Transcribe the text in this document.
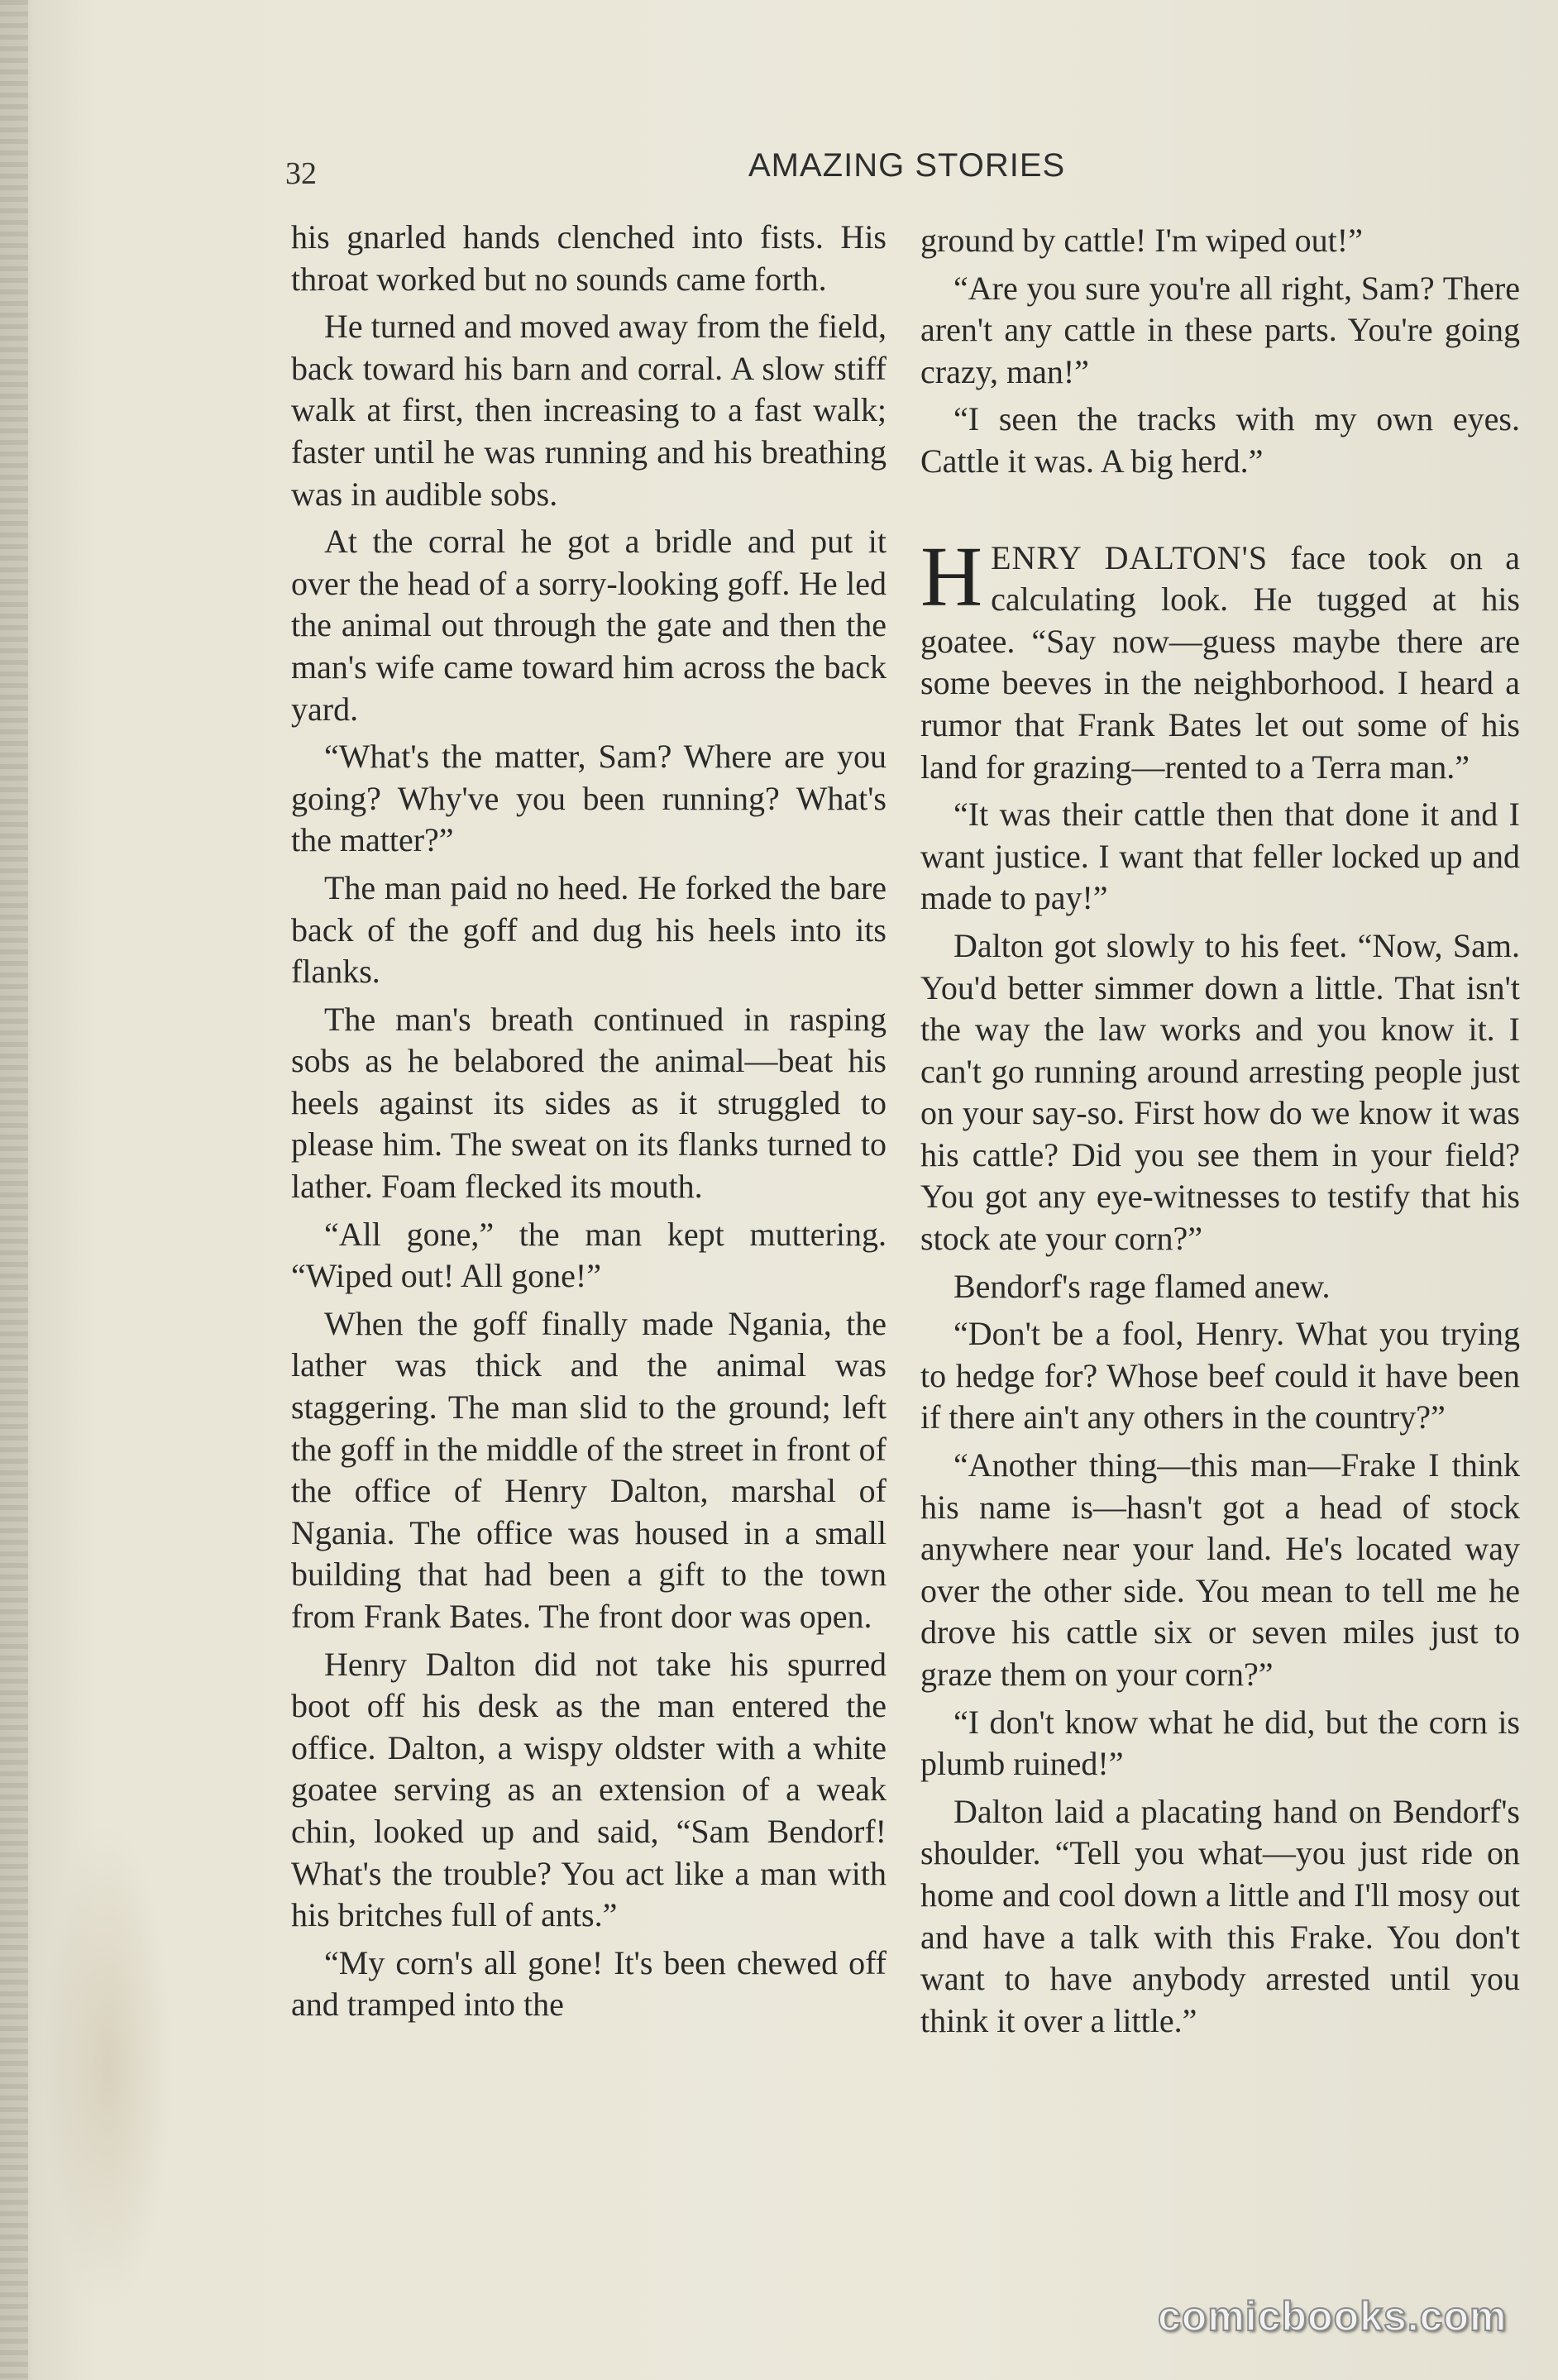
32	AMAZING STORIES

his gnarled hands clenched into fists. His throat worked but no sounds came forth.

He turned and moved away from the field, back toward his barn and corral. A slow stiff walk at first, then increasing to a fast walk; faster until he was running and his breathing was in audible sobs.

At the corral he got a bridle and put it over the head of a sorry-looking goff. He led the animal out through the gate and then the man's wife came toward him across the back yard.

“What's the matter, Sam? Where are you going? Why've you been running? What's the matter?”

The man paid no heed. He forked the bare back of the goff and dug his heels into its flanks.

The man's breath continued in rasping sobs as he belabored the animal—beat his heels against its sides as it struggled to please him. The sweat on its flanks turned to lather. Foam flecked its mouth.

“All gone,” the man kept muttering. “Wiped out! All gone!”

When the goff finally made Ngania, the lather was thick and the animal was staggering. The man slid to the ground; left the goff in the middle of the street in front of the office of Henry Dalton, marshal of Ngania. The office was housed in a small building that had been a gift to the town from Frank Bates. The front door was open.

Henry Dalton did not take his spurred boot off his desk as the man entered the office. Dalton, a wispy oldster with a white goatee serving as an extension of a weak chin, looked up and said, “Sam Bendorf! What's the trouble? You act like a man with his britches full of ants.”

“My corn's all gone! It's been chewed off and tramped into the

ground by cattle! I'm wiped out!”

“Are you sure you're all right, Sam? There aren't any cattle in these parts. You're going crazy, man!”

“I seen the tracks with my own eyes. Cattle it was. A big herd.”

HENRY DALTON'S face took on a calculating look. He tugged at his goatee. “Say now—guess maybe there are some beeves in the neighborhood. I heard a rumor that Frank Bates let out some of his land for grazing—rented to a Terra man.”

“It was their cattle then that done it and I want justice. I want that feller locked up and made to pay!”

Dalton got slowly to his feet. “Now, Sam. You'd better simmer down a little. That isn't the way the law works and you know it. I can't go running around arresting people just on your say-so. First how do we know it was his cattle? Did you see them in your field? You got any eye-witnesses to testify that his stock ate your corn?”

Bendorf's rage flamed anew.

“Don't be a fool, Henry. What you trying to hedge for? Whose beef could it have been if there ain't any others in the country?”

“Another thing—this man—Frake I think his name is—hasn't got a head of stock anywhere near your land. He's located way over the other side. You mean to tell me he drove his cattle six or seven miles just to graze them on your corn?”

“I don't know what he did, but the corn is plumb ruined!”

Dalton laid a placating hand on Bendorf's shoulder. “Tell you what—you just ride on home and cool down a little and I'll mosy out and have a talk with this Frake. You don't want to have anybody arrested until you think it over a little.”

comicbooks.com
